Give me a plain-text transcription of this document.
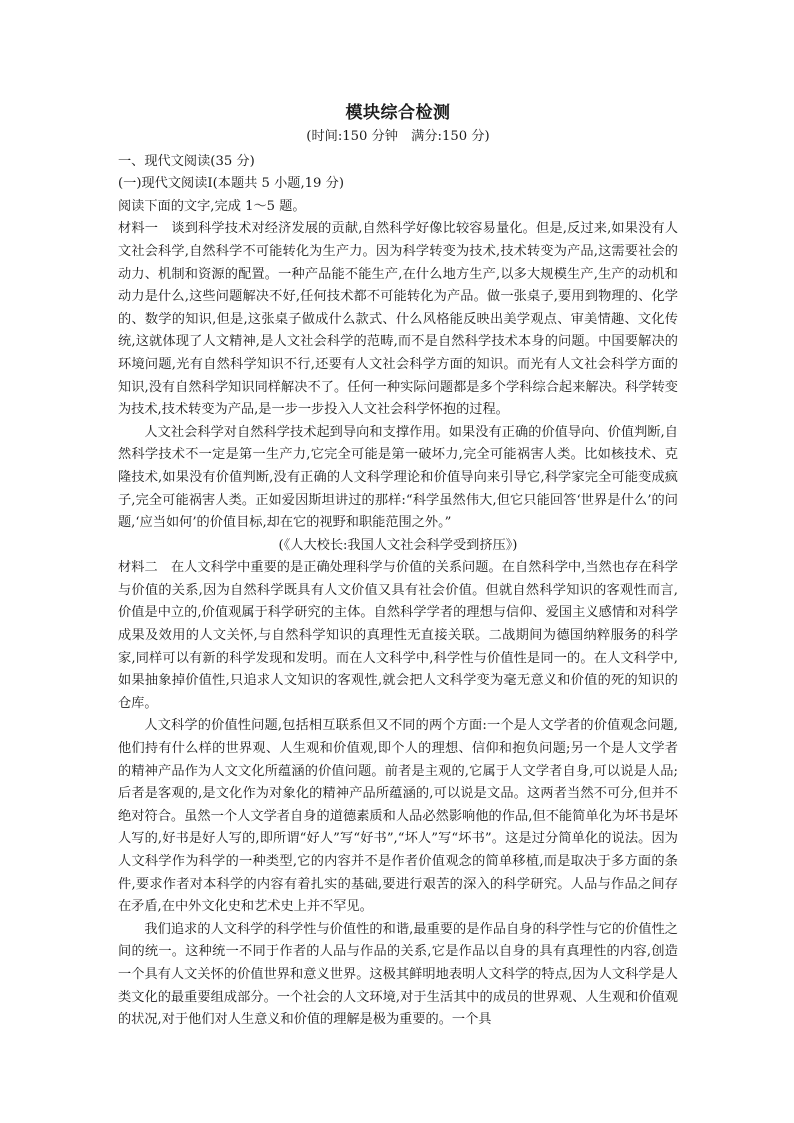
模块综合检测

(时间:150 分钟　满分:150 分)

一、现代文阅读(35 分)

(一)现代文阅读Ⅰ(本题共 5 小题,19 分)

阅读下面的文字,完成 1～5 题。

材料一　谈到科学技术对经济发展的贡献,自然科学好像比较容易量化。但是,反过来,如果没有人文社会科学,自然科学不可能转化为生产力。因为科学转变为技术,技术转变为产品,这需要社会的动力、机制和资源的配置。一种产品能不能生产,在什么地方生产,以多大规模生产,生产的动机和动力是什么,这些问题解决不好,任何技术都不可能转化为产品。做一张桌子,要用到物理的、化学的、数学的知识,但是,这张桌子做成什么款式、什么风格能反映出美学观点、审美情趣、文化传统,这就体现了人文精神,是人文社会科学的范畴,而不是自然科学技术本身的问题。中国要解决的环境问题,光有自然科学知识不行,还要有人文社会科学方面的知识。而光有人文社会科学方面的知识,没有自然科学知识同样解决不了。任何一种实际问题都是多个学科综合起来解决。科学转变为技术,技术转变为产品,是一步一步投入人文社会科学怀抱的过程。

人文社会科学对自然科学技术起到导向和支撑作用。如果没有正确的价值导向、价值判断,自然科学技术不一定是第一生产力,它完全可能是第一破坏力,完全可能祸害人类。比如核技术、克隆技术,如果没有价值判断,没有正确的人文科学理论和价值导向来引导它,科学家完全可能变成疯子,完全可能祸害人类。正如爱因斯坦讲过的那样:“科学虽然伟大,但它只能回答‘世界是什么’的问题,‘应当如何’的价值目标,却在它的视野和职能范围之外。”

(《人大校长:我国人文社会科学受到挤压》)

材料二　在人文科学中重要的是正确处理科学与价值的关系问题。在自然科学中,当然也存在科学与价值的关系,因为自然科学既具有人文价值又具有社会价值。但就自然科学知识的客观性而言,价值是中立的,价值观属于科学研究的主体。自然科学学者的理想与信仰、爱国主义感情和对科学成果及效用的人文关怀,与自然科学知识的真理性无直接关联。二战期间为德国纳粹服务的科学家,同样可以有新的科学发现和发明。而在人文科学中,科学性与价值性是同一的。在人文科学中,如果抽象掉价值性,只追求人文知识的客观性,就会把人文科学变为毫无意义和价值的死的知识的仓库。

人文科学的价值性问题,包括相互联系但又不同的两个方面:一个是人文学者的价值观念问题,他们持有什么样的世界观、人生观和价值观,即个人的理想、信仰和抱负问题;另一个是人文学者的精神产品作为人文文化所蕴涵的价值问题。前者是主观的,它属于人文学者自身,可以说是人品;后者是客观的,是文化作为对象化的精神产品所蕴涵的,可以说是文品。这两者当然不可分,但并不绝对符合。虽然一个人文学者自身的道德素质和人品必然影响他的作品,但不能简单化为坏书是坏人写的,好书是好人写的,即所谓“好人”写“好书”,“坏人”写“坏书”。这是过分简单化的说法。因为人文科学作为科学的一种类型,它的内容并不是作者价值观念的简单移植,而是取决于多方面的条件,要求作者对本科学的内容有着扎实的基础,要进行艰苦的深入的科学研究。人品与作品之间存在矛盾,在中外文化史和艺术史上并不罕见。

我们追求的人文科学的科学性与价值性的和谐,最重要的是作品自身的科学性与它的价值性之间的统一。这种统一不同于作者的人品与作品的关系,它是作品以自身的具有真理性的内容,创造一个具有人文关怀的价值世界和意义世界。这极其鲜明地表明人文科学的特点,因为人文科学是人类文化的最重要组成部分。一个社会的人文环境,对于生活其中的成员的世界观、人生观和价值观的状况,对于他们对人生意义和价值的理解是极为重要的。一个具
